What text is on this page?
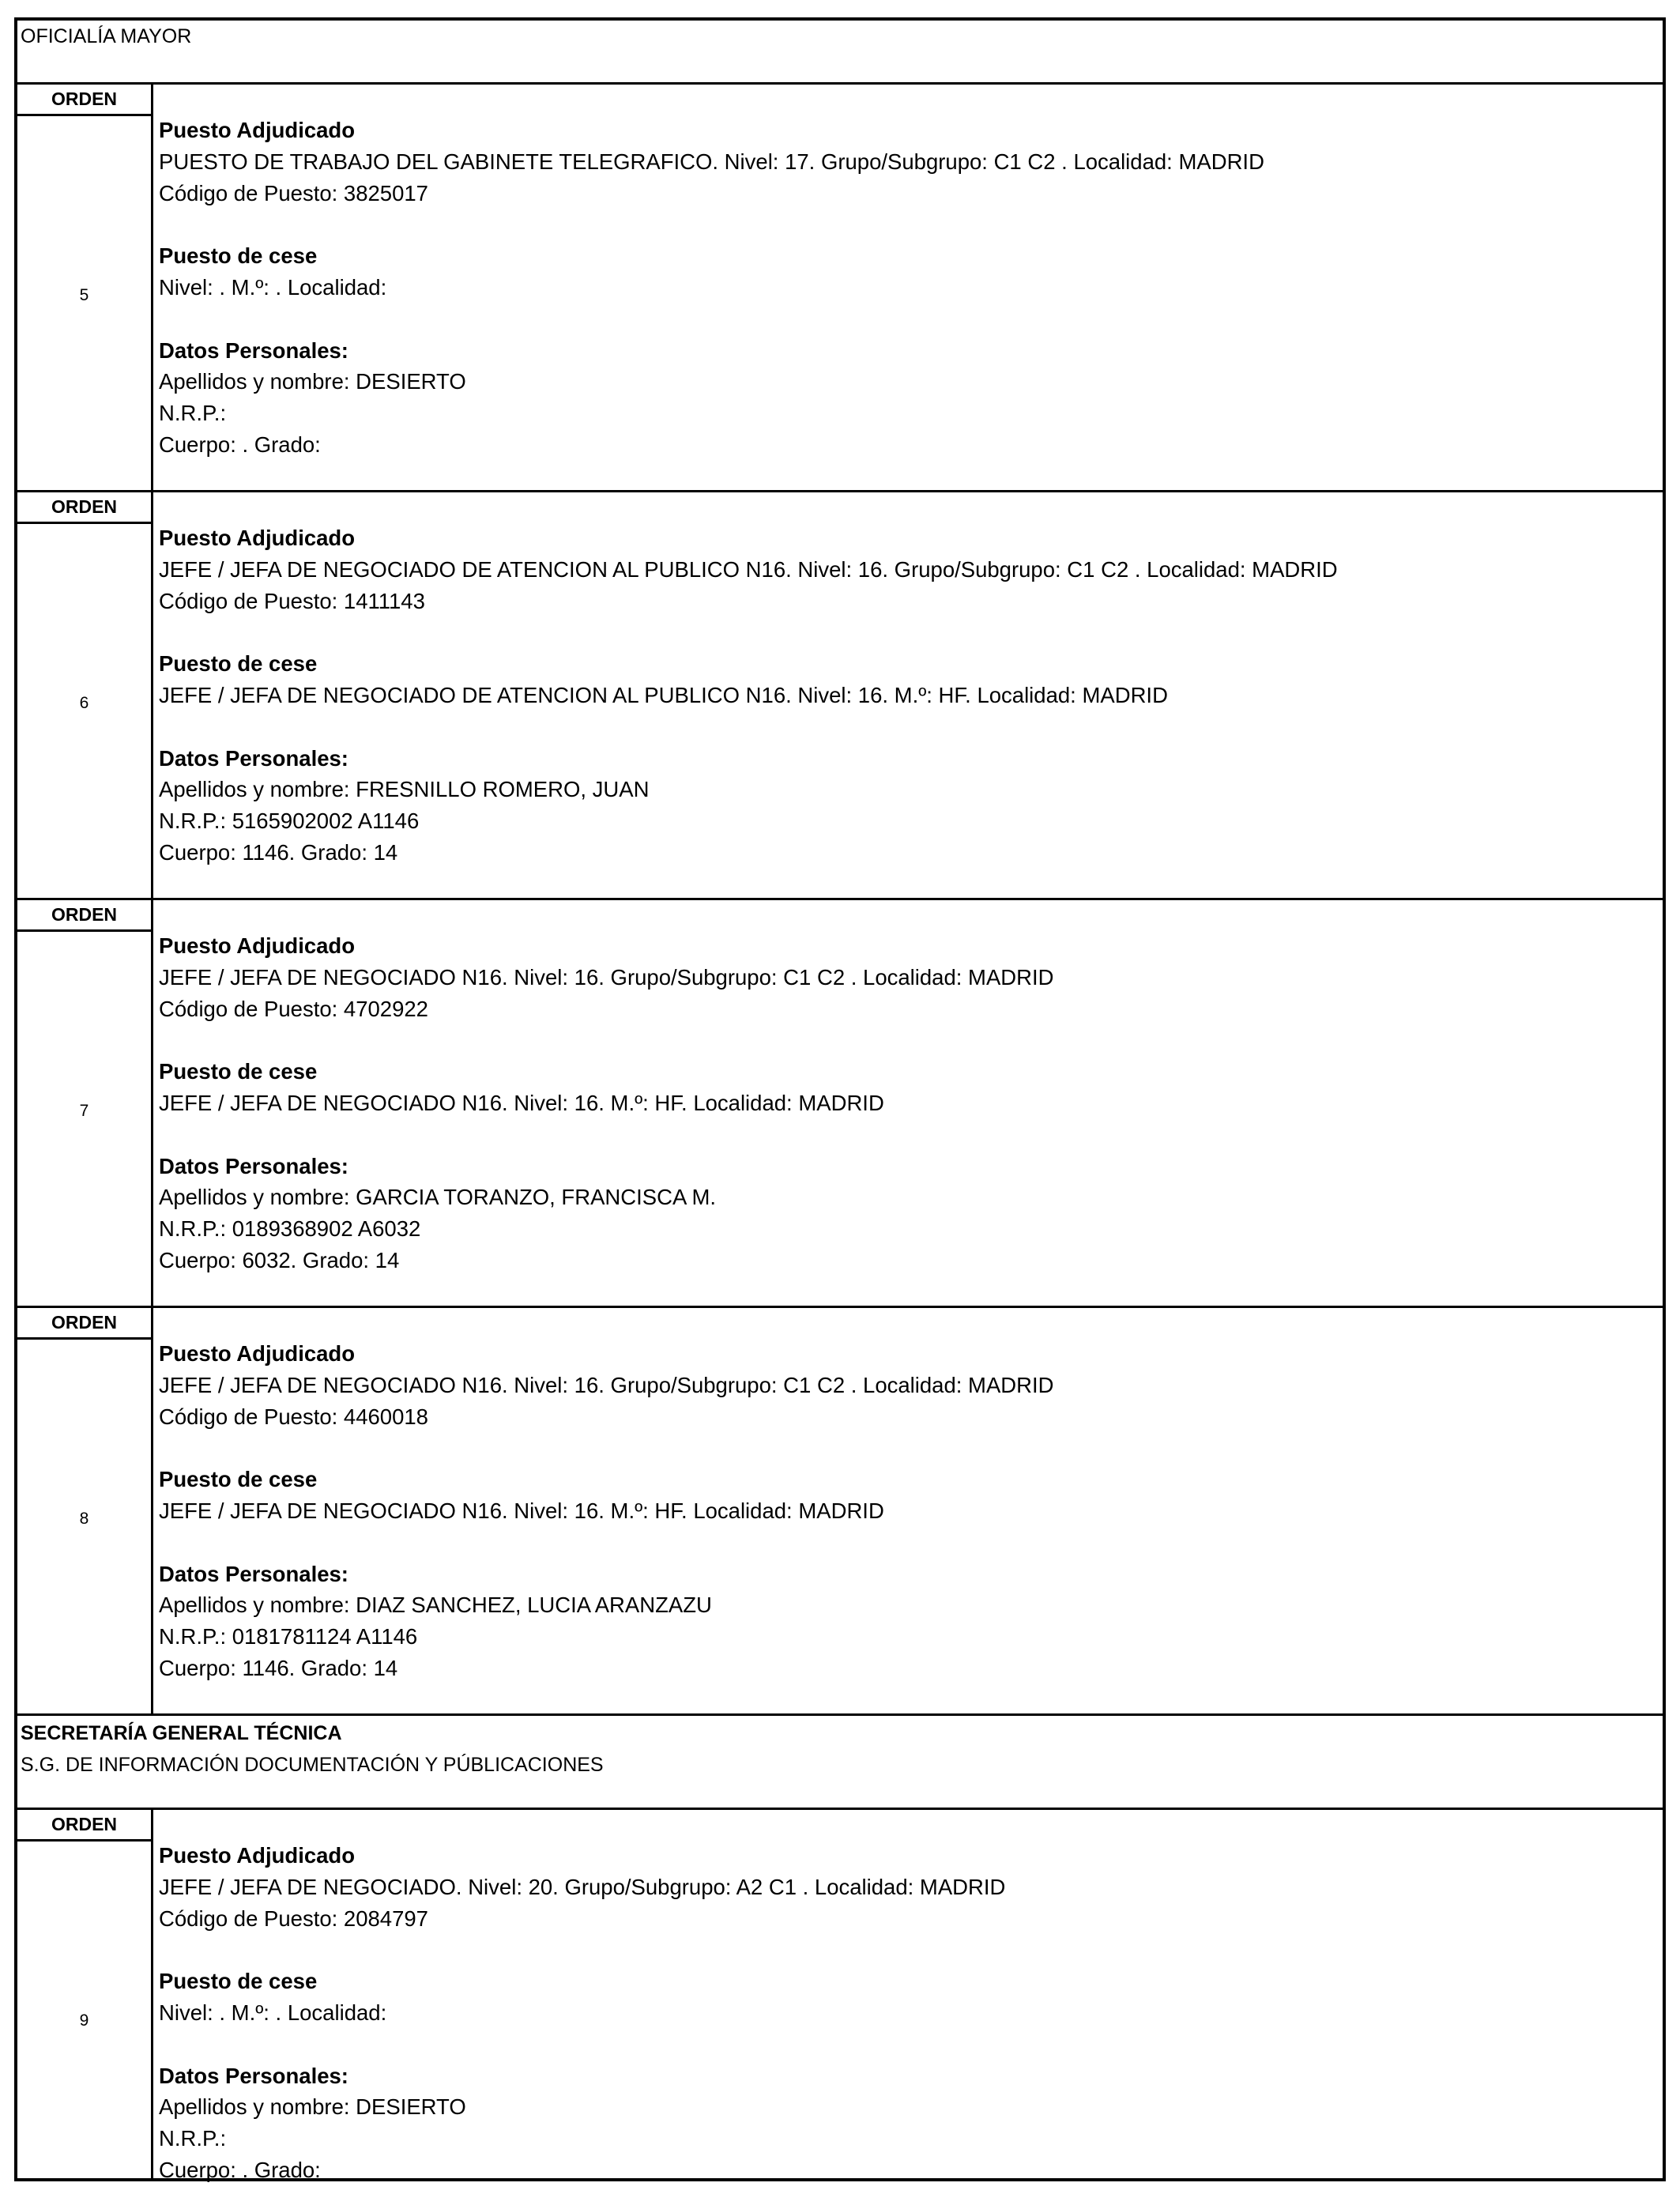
OFICIALÍA MAYOR
ORDEN
5
Puesto Adjudicado
PUESTO DE TRABAJO DEL GABINETE TELEGRAFICO. Nivel: 17. Grupo/Subgrupo: C1 C2 . Localidad: MADRID
Código de Puesto: 3825017
Puesto de cese
Nivel: . M.º: . Localidad:
Datos Personales:
Apellidos y nombre: DESIERTO
N.R.P.:
Cuerpo: . Grado:
ORDEN
6
Puesto Adjudicado
JEFE / JEFA DE NEGOCIADO DE ATENCION AL PUBLICO N16. Nivel: 16. Grupo/Subgrupo: C1 C2 . Localidad: MADRID
Código de Puesto: 1411143
Puesto de cese
JEFE / JEFA DE NEGOCIADO DE ATENCION AL PUBLICO N16. Nivel: 16. M.º: HF. Localidad: MADRID
Datos Personales:
Apellidos y nombre: FRESNILLO ROMERO, JUAN
N.R.P.: 5165902002 A1146
Cuerpo: 1146. Grado: 14
ORDEN
7
Puesto Adjudicado
JEFE / JEFA DE NEGOCIADO N16. Nivel: 16. Grupo/Subgrupo: C1 C2 . Localidad: MADRID
Código de Puesto: 4702922
Puesto de cese
JEFE / JEFA DE NEGOCIADO N16. Nivel: 16. M.º: HF. Localidad: MADRID
Datos Personales:
Apellidos y nombre: GARCIA TORANZO, FRANCISCA M.
N.R.P.: 0189368902 A6032
Cuerpo: 6032. Grado: 14
ORDEN
8
Puesto Adjudicado
JEFE / JEFA DE NEGOCIADO N16. Nivel: 16. Grupo/Subgrupo: C1 C2 . Localidad: MADRID
Código de Puesto: 4460018
Puesto de cese
JEFE / JEFA DE NEGOCIADO N16. Nivel: 16. M.º: HF. Localidad: MADRID
Datos Personales:
Apellidos y nombre: DIAZ SANCHEZ, LUCIA ARANZAZU
N.R.P.: 0181781124 A1146
Cuerpo: 1146. Grado: 14
SECRETARÍA GENERAL TÉCNICA
S.G. DE INFORMACIÓN DOCUMENTACIÓN Y PÚBLICACIONES
ORDEN
9
Puesto Adjudicado
JEFE / JEFA DE NEGOCIADO. Nivel: 20. Grupo/Subgrupo: A2 C1 . Localidad: MADRID
Código de Puesto: 2084797
Puesto de cese
Nivel: . M.º: . Localidad:
Datos Personales:
Apellidos y nombre: DESIERTO
N.R.P.:
Cuerpo: . Grado:
